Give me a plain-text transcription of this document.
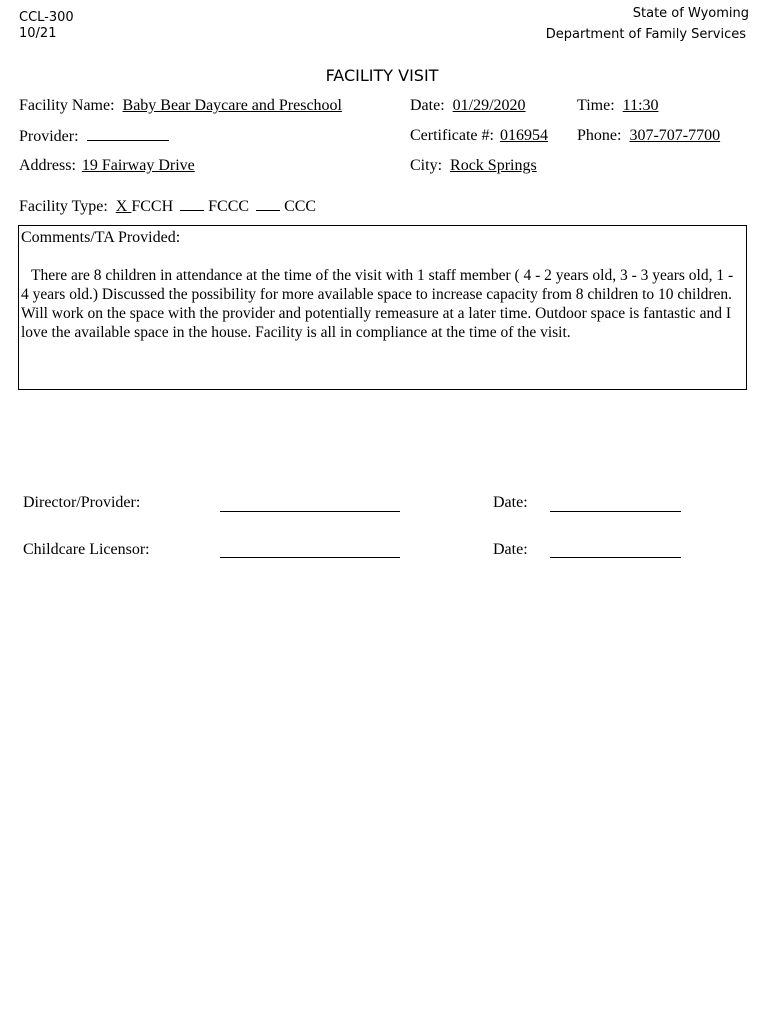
CCL-300
10/21
State of Wyoming
Department of Family Services
FACILITY VISIT
Facility Name: Baby Bear Daycare and Preschool	Date: 01/29/2020	Time: 11:30
Provider:	Certificate #: 016954 Phone: 307-707-7700
Address: 19 Fairway Drive	City: Rock Springs
Facility Type: X FCCH FCCC CCC
Comments/TA Provided:
There are 8 children in attendance at the time of the visit with 1 staff member ( 4 - 2 years old, 3 - 3 years old, 1 - 4 years old.) Discussed the possibility for more available space to increase capacity from 8 children to 10 children. Will work on the space with the provider and potentially remeasure at a later time. Outdoor space is fantastic and I love the available space in the house. Facility is all in compliance at the time of the visit.
Director/Provider:	Date:
Childcare Licensor:	Date:
